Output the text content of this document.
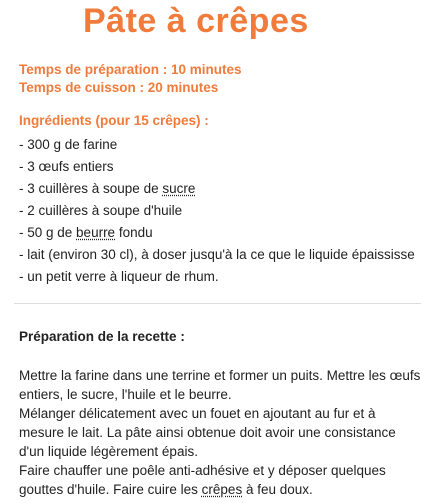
Pâte à crêpes
Temps de préparation : 10 minutes
Temps de cuisson : 20 minutes
Ingrédients (pour 15 crêpes) :
- 300 g de farine
- 3 œufs entiers
- 3 cuillères à soupe de sucre
- 2 cuillères à soupe d'huile
- 50 g de beurre fondu
- lait (environ 30 cl), à doser jusqu'à la ce que le liquide épaississe
- un petit verre à liqueur de rhum.
Préparation de la recette :

Mettre la farine dans une terrine et former un puits. Mettre les œufs entiers, le sucre, l'huile et le beurre.

Mélanger délicatement avec un fouet en ajoutant au fur et à mesure le lait. La pâte ainsi obtenue doit avoir une consistance d'un liquide légèrement épais.

Faire chauffer une poêle anti-adhésive et y déposer quelques gouttes d'huile. Faire cuire les crêpes à feu doux.
